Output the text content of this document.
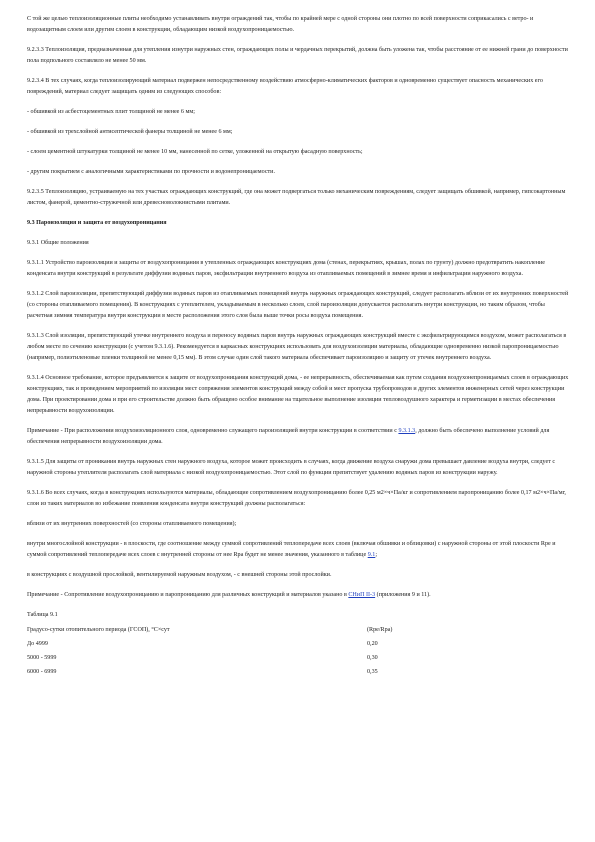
С той же целью теплоизоляционные плиты необходимо устанавливать внутри ограждений так, чтобы по крайней мере с одной стороны они плотно по всей поверхности соприкасались с ветро- и водозащитным слоем или другим слоем в конструкции, обладающим низкой воздухопроницаемостью.

9.2.3.3 Теплоизоляция, предназначенная для утепления изнутри наружных стен, ограждающих полы и чердачных перекрытий, должна быть уложена так, чтобы расстояние от ее нижней грани до поверхности пола подпольного составляло не менее 50 мм.

9.2.3.4 В тех случаях, когда теплоизолирующий материал подвержен непосредственному воздействию атмосферно-климатических факторов и одновременно существует опасность механических его повреждений, материал следует защищать одним из следующих способов:

- обшивкой из асбестоцементных плит толщиной не менее 6 мм;

- обшивкой из трехслойной антисептической фанеры толщиной не менее 6 мм;

- слоем цементной штукатурки толщиной не менее 10 мм, нанесенной по сетке, уложенной на открытую фасадную поверхность;

- другим покрытием с аналогичными характеристиками по прочности и водонепроницаемости.

9.2.3.5 Теплоизоляцию, устраиваемую на тех участках ограждающих конструкций, где она может подвергаться только механическим повреждениям, следует защищать обшивкой, например, гипсокартонным листом, фанерой, цементно-стружечной или древесноволокнистыми плитами.

9.3 Пароизоляция и защита от воздухопроницания

9.3.1 Общие положения

9.3.1.1 Устройство пароизоляции и защиты от воздухопроницания в утепленных ограждающих конструкциях дома (стенах, перекрытиях, крышах, полах по грунту) должно предотвратить накопление конденсата внутри конструкций в результате диффузии водяных паров, эксфильтрации внутреннего воздуха из отапливаемых помещений в зимнее время и инфильтрации наружного воздуха.

9.3.1.2 Слой пароизоляции, препятствующий диффузии водяных паров из отапливаемых помещений внутрь наружных ограждающих конструкций, следует располагать вблизи от их внутренних поверхностей (со стороны отапливаемого помещения). В конструкциях с утеплителем, укладываемым в несколько слоев, слой пароизоляции допускается располагать внутри конструкции, но таким образом, чтобы расчетная зимняя температура внутри конструкции в месте расположения этого слоя была выше точки росы воздуха помещения.

9.3.1.3 Слой изоляции, препятствующий утечке внутреннего воздуха и переносу водяных паров внутрь наружных ограждающих конструкций вместе с эксфильтрирующимся воздухом, может располагаться в любом месте по сечению конструкции (с учетом 9.3.1.6). Рекомендуется в каркасных конструкциях использовать для воздухоизоляции материалы, обладающие одновременно низкой паропроницаемостью (например, полиэтиленовые пленки толщиной не менее 0,15 мм). В этом случае один слой такого материала обеспечивает пароизоляцию и защиту от утечек внутреннего воздуха.

9.3.1.4 Основное требование, которое предъявляется к защите от воздухопроницания конструкций дома, - ее непрерывность, обеспечиваемая как путем создания воздухонепроницаемых слоев в ограждающих конструкциях, так и проведением мероприятий по изоляции мест сопряжения элементов конструкций между собой и мест пропуска трубопроводов и других элементов инженерных сетей через конструкции дома. При проектировании дома и при его строительстве должно быть обращено особое внимание на тщательное выполнение изоляции тепловоздушного характера и герметизации в местах обеспечения непрерывности воздухоизоляции.

Примечание - При расположении воздухоизоляционного слоя, одновременно служащего пароизоляцией внутри конструкции в соответствии с 9.3.1.3, должно быть обеспечено выполнение условий для обеспечения непрерывности воздухоизоляции дома.

9.3.1.5 Для защиты от проникания внутрь наружных стен наружного воздуха, которое может происходить в случаях, когда движение воздуха снаружи дома превышает давление воздуха внутри, следует с наружной стороны утеплителя располагать слой материала с низкой воздухопроницаемостью. Этот слой по функции препятствует удалению водяных паров из конструкции наружу.

9.3.1.6 Во всех случаях, когда в конструкциях используются материалы, обладающие сопротивлением воздухопроницанию более 0,25 м2×ч×Па/кг и сопротивлением паропроницанию более 0,17 м2×ч×Па/мг, слои из таких материалов во избежание появления конденсата внутри конструкций должны располагаться:

вблизи от их внутренних поверхностей (со стороны отапливаемого помещения);

внутри многослойной конструкции - в плоскости, где соотношение между суммой сопротивлений теплопередаче всех слоев (включая обшивки и облицовки) с наружной стороны от этой плоскости Rpe и суммой сопротивлений теплопередаче всех слоев с внутренней стороны от нее Rpa будет не менее значения, указанного в таблице 9.1;

в конструкциях с воздушной прослойкой, вентилируемой наружным воздухом, - с внешней стороны этой прослойки.

Примечание - Сопротивление воздухопроницанию и паропроницанию для различных конструкций и материалов указано в СНиП II-3 (приложения 9 и 11).

Таблица 9.1

Градусо-сутки отопительного периода (ГСОП), °C×сут	(Rpe/Rpa)
До 4999	0,20
5000 - 5999	0,30
6000 - 6999	0,35
